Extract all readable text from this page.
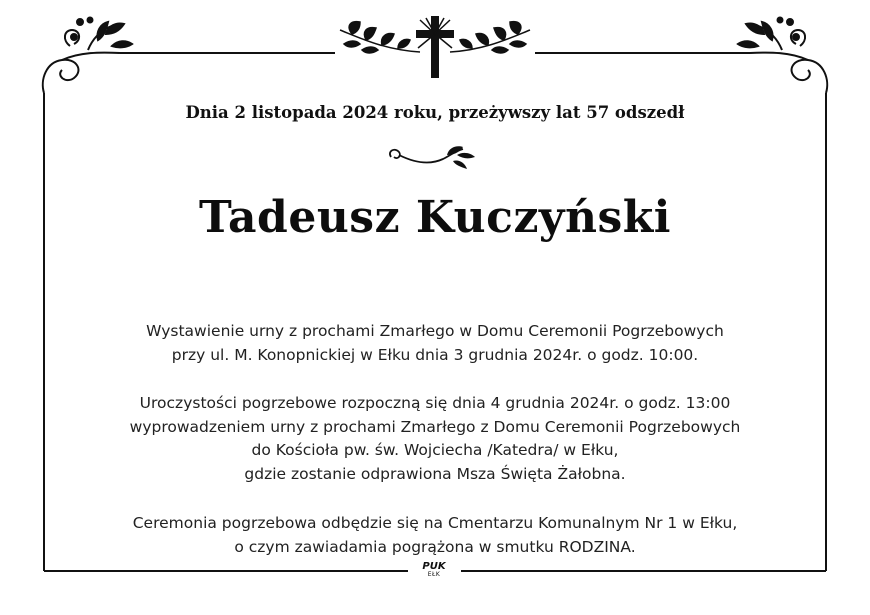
Dnia 2 listopada 2024 roku, przeżywszy lat 57 odszedł
Tadeusz Kuczyński
Wystawienie urny z prochami Zmarłego w Domu Ceremonii Pogrzebowych
przy ul. M. Konopnickiej w Ełku dnia 3 grudnia 2024r. o godz. 10:00.
Uroczystości pogrzebowe rozpoczną się dnia 4 grudnia 2024r. o godz. 13:00
wyprowadzeniem urny z prochami Zmarłego z Domu Ceremonii Pogrzebowych
do Kościoła pw. św. Wojciecha /Katedra/ w Ełku,
gdzie zostanie odprawiona Msza Święta Żałobna.
Ceremonia pogrzebowa odbędzie się na Cmentarzu Komunalnym Nr 1 w Ełku,
o czym zawiadamia pogrążona w smutku RODZINA.
PUK
EŁK
